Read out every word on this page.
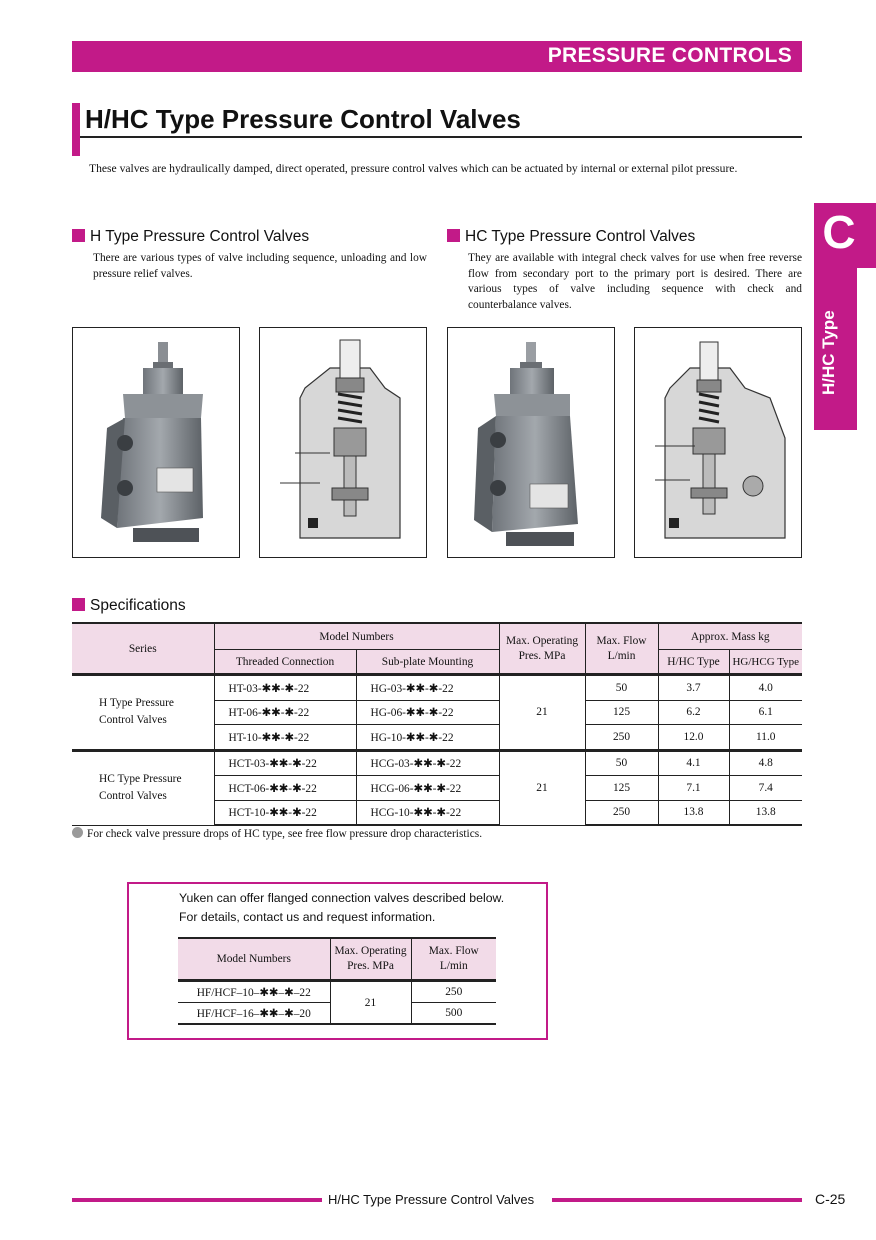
PRESSURE CONTROLS
H/HC Type Pressure Control Valves
These valves are hydraulically damped, direct operated, pressure control valves which can be actuated by internal or external pilot pressure.
C
H/HC Type
H Type Pressure Control Valves
There are various types of valve including sequence, unloading and low pressure relief valves.
HC Type Pressure Control Valves
They are available with integral check valves for use when free reverse flow from secondary port to the primary port is desired. There are various types of valve including sequence with check and counterbalance valves.
Specifications
Series	Model Numbers		Max. Operating Pres. MPa	Max. Flow L/min	Approx. Mass kg	
	Threaded Connection	Sub-plate Mounting			H/HC Type	HG/HCG Type
H Type Pressure Control Valves	HT-03-✱✱-✱-22	HG-03-✱✱-✱-22	21	50	3.7	4.0
	HT-06-✱✱-✱-22	HG-06-✱✱-✱-22		125	6.2	6.1
	HT-10-✱✱-✱-22	HG-10-✱✱-✱-22		250	12.0	11.0
HC Type Pressure Control Valves	HCT-03-✱✱-✱-22	HCG-03-✱✱-✱-22	21	50	4.1	4.8
	HCT-06-✱✱-✱-22	HCG-06-✱✱-✱-22		125	7.1	7.4
	HCT-10-✱✱-✱-22	HCG-10-✱✱-✱-22		250	13.8	13.8
For check valve pressure drops of HC type, see free flow pressure drop characteristics.
Yuken can offer flanged connection valves described below.
For details, contact us and request information.
Model Numbers	Max. Operating Pres. MPa	Max. Flow L/min
HF/HCF–10–✱✱–✱–22	21	250
HF/HCF–16–✱✱–✱–20		500
H/HC Type Pressure Control Valves	C-25
